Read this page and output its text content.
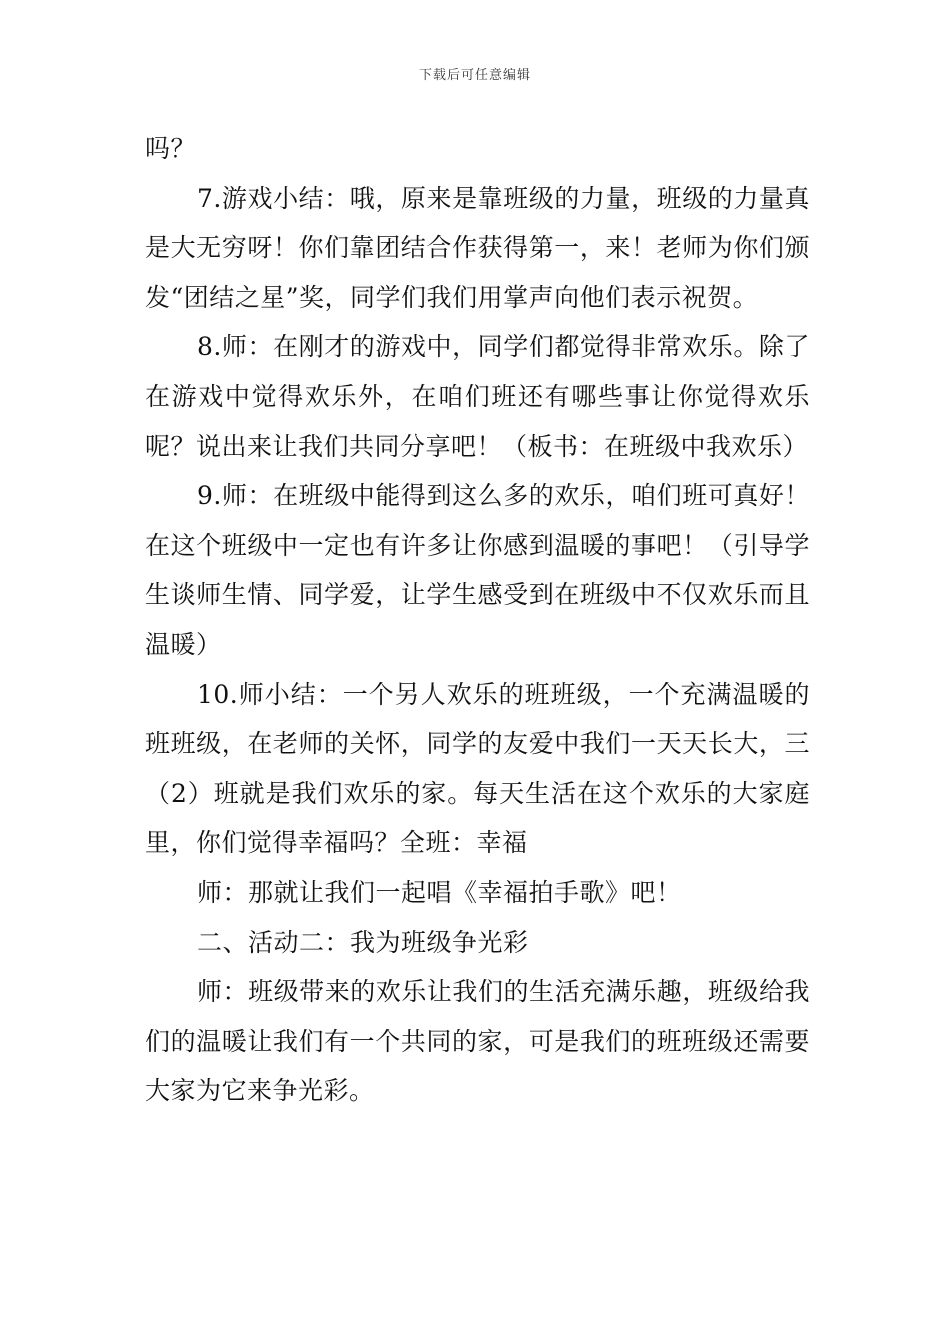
下载后可任意编辑

吗？

7.游戏小结：哦，原来是靠班级的力量，班级的力量真是大无穷呀！你们靠团结合作获得第一，来！老师为你们颁发“团结之星”奖，同学们我们用掌声向他们表示祝贺。

8.师：在刚才的游戏中，同学们都觉得非常欢乐。除了在游戏中觉得欢乐外，在咱们班还有哪些事让你觉得欢乐呢？说出来让我们共同分享吧！（板书：在班级中我欢乐）

9.师：在班级中能得到这么多的欢乐，咱们班可真好！在这个班级中一定也有许多让你感到温暖的事吧！（引导学生谈师生情、同学爱，让学生感受到在班级中不仅欢乐而且温暖）

10.师小结：一个另人欢乐的班班级，一个充满温暖的班班级，在老师的关怀，同学的友爱中我们一天天长大，三（2）班就是我们欢乐的家。每天生活在这个欢乐的大家庭里，你们觉得幸福吗？全班：幸福

师：那就让我们一起唱《幸福拍手歌》吧！

二、活动二：我为班级争光彩

师：班级带来的欢乐让我们的生活充满乐趣，班级给我们的温暖让我们有一个共同的家，可是我们的班班级还需要大家为它来争光彩。
